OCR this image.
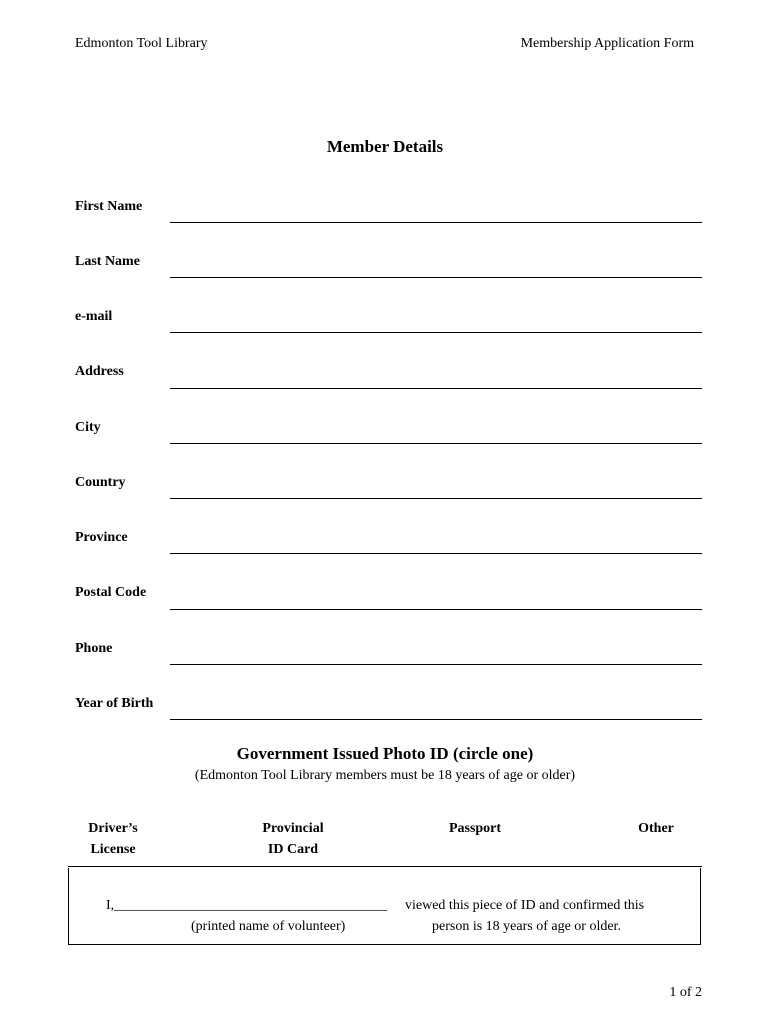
Edmonton Tool Library	Membership Application Form
Member Details
First Name
Last Name
e-mail
Address
City
Country
Province
Postal Code
Phone
Year of Birth
Government Issued Photo ID (circle one)
(Edmonton Tool Library members must be 18 years of age or older)
Driver’s
License
Provincial
ID Card
Passport	Other
I,_______________________________________ viewed this piece of ID and confirmed this
(printed name of volunteer)	person is 18 years of age or older.
1 of 2
